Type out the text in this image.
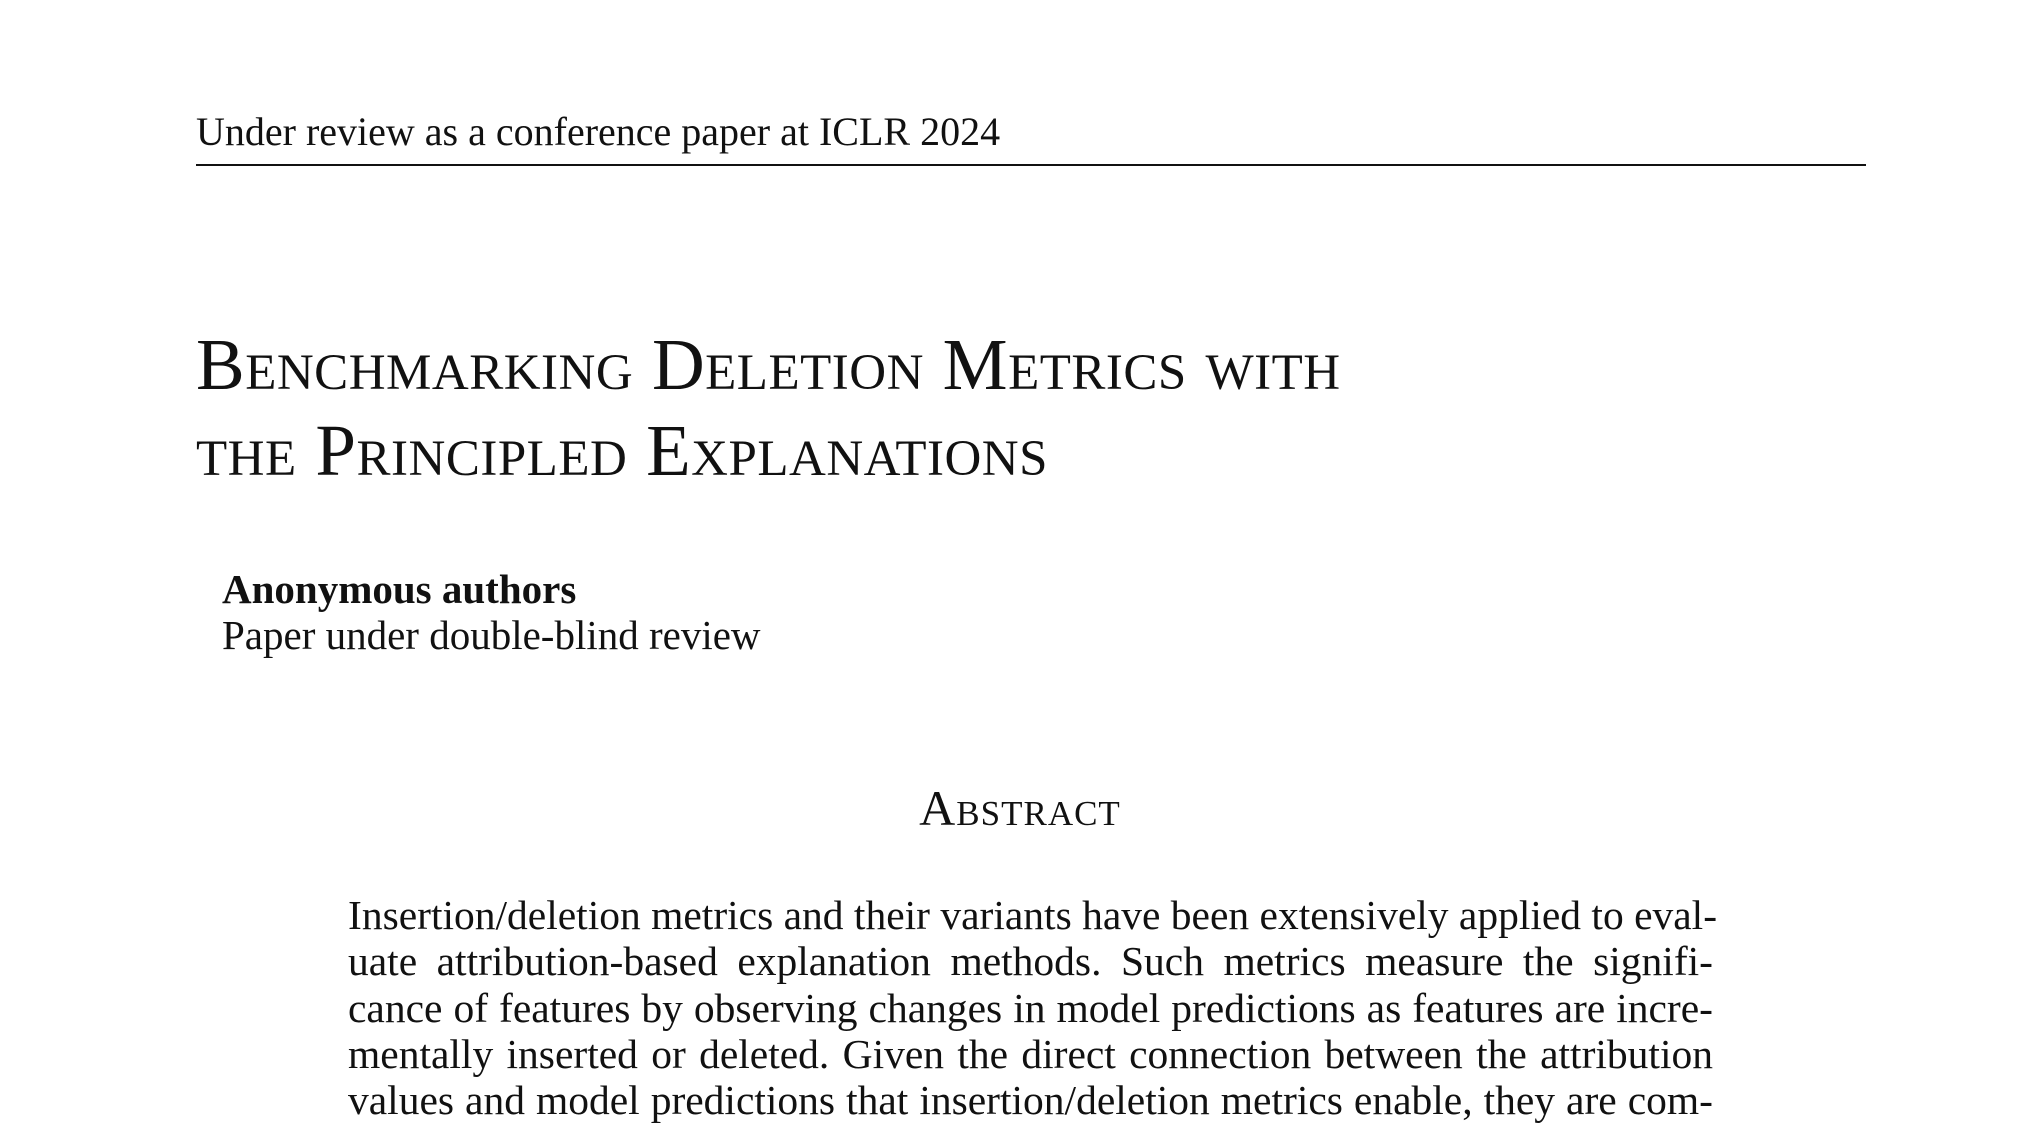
Under review as a conference paper at ICLR 2024
Benchmarking Deletion Metrics with
the Principled Explanations
Anonymous authors
Paper under double-blind review
Abstract
Insertion/deletion metrics and their variants have been extensively applied to eval-
uate attribution-based explanation methods. Such metrics measure the signifi-
cance of features by observing changes in model predictions as features are incre-
mentally inserted or deleted. Given the direct connection between the attribution
values and model predictions that insertion/deletion metrics enable, they are com-
